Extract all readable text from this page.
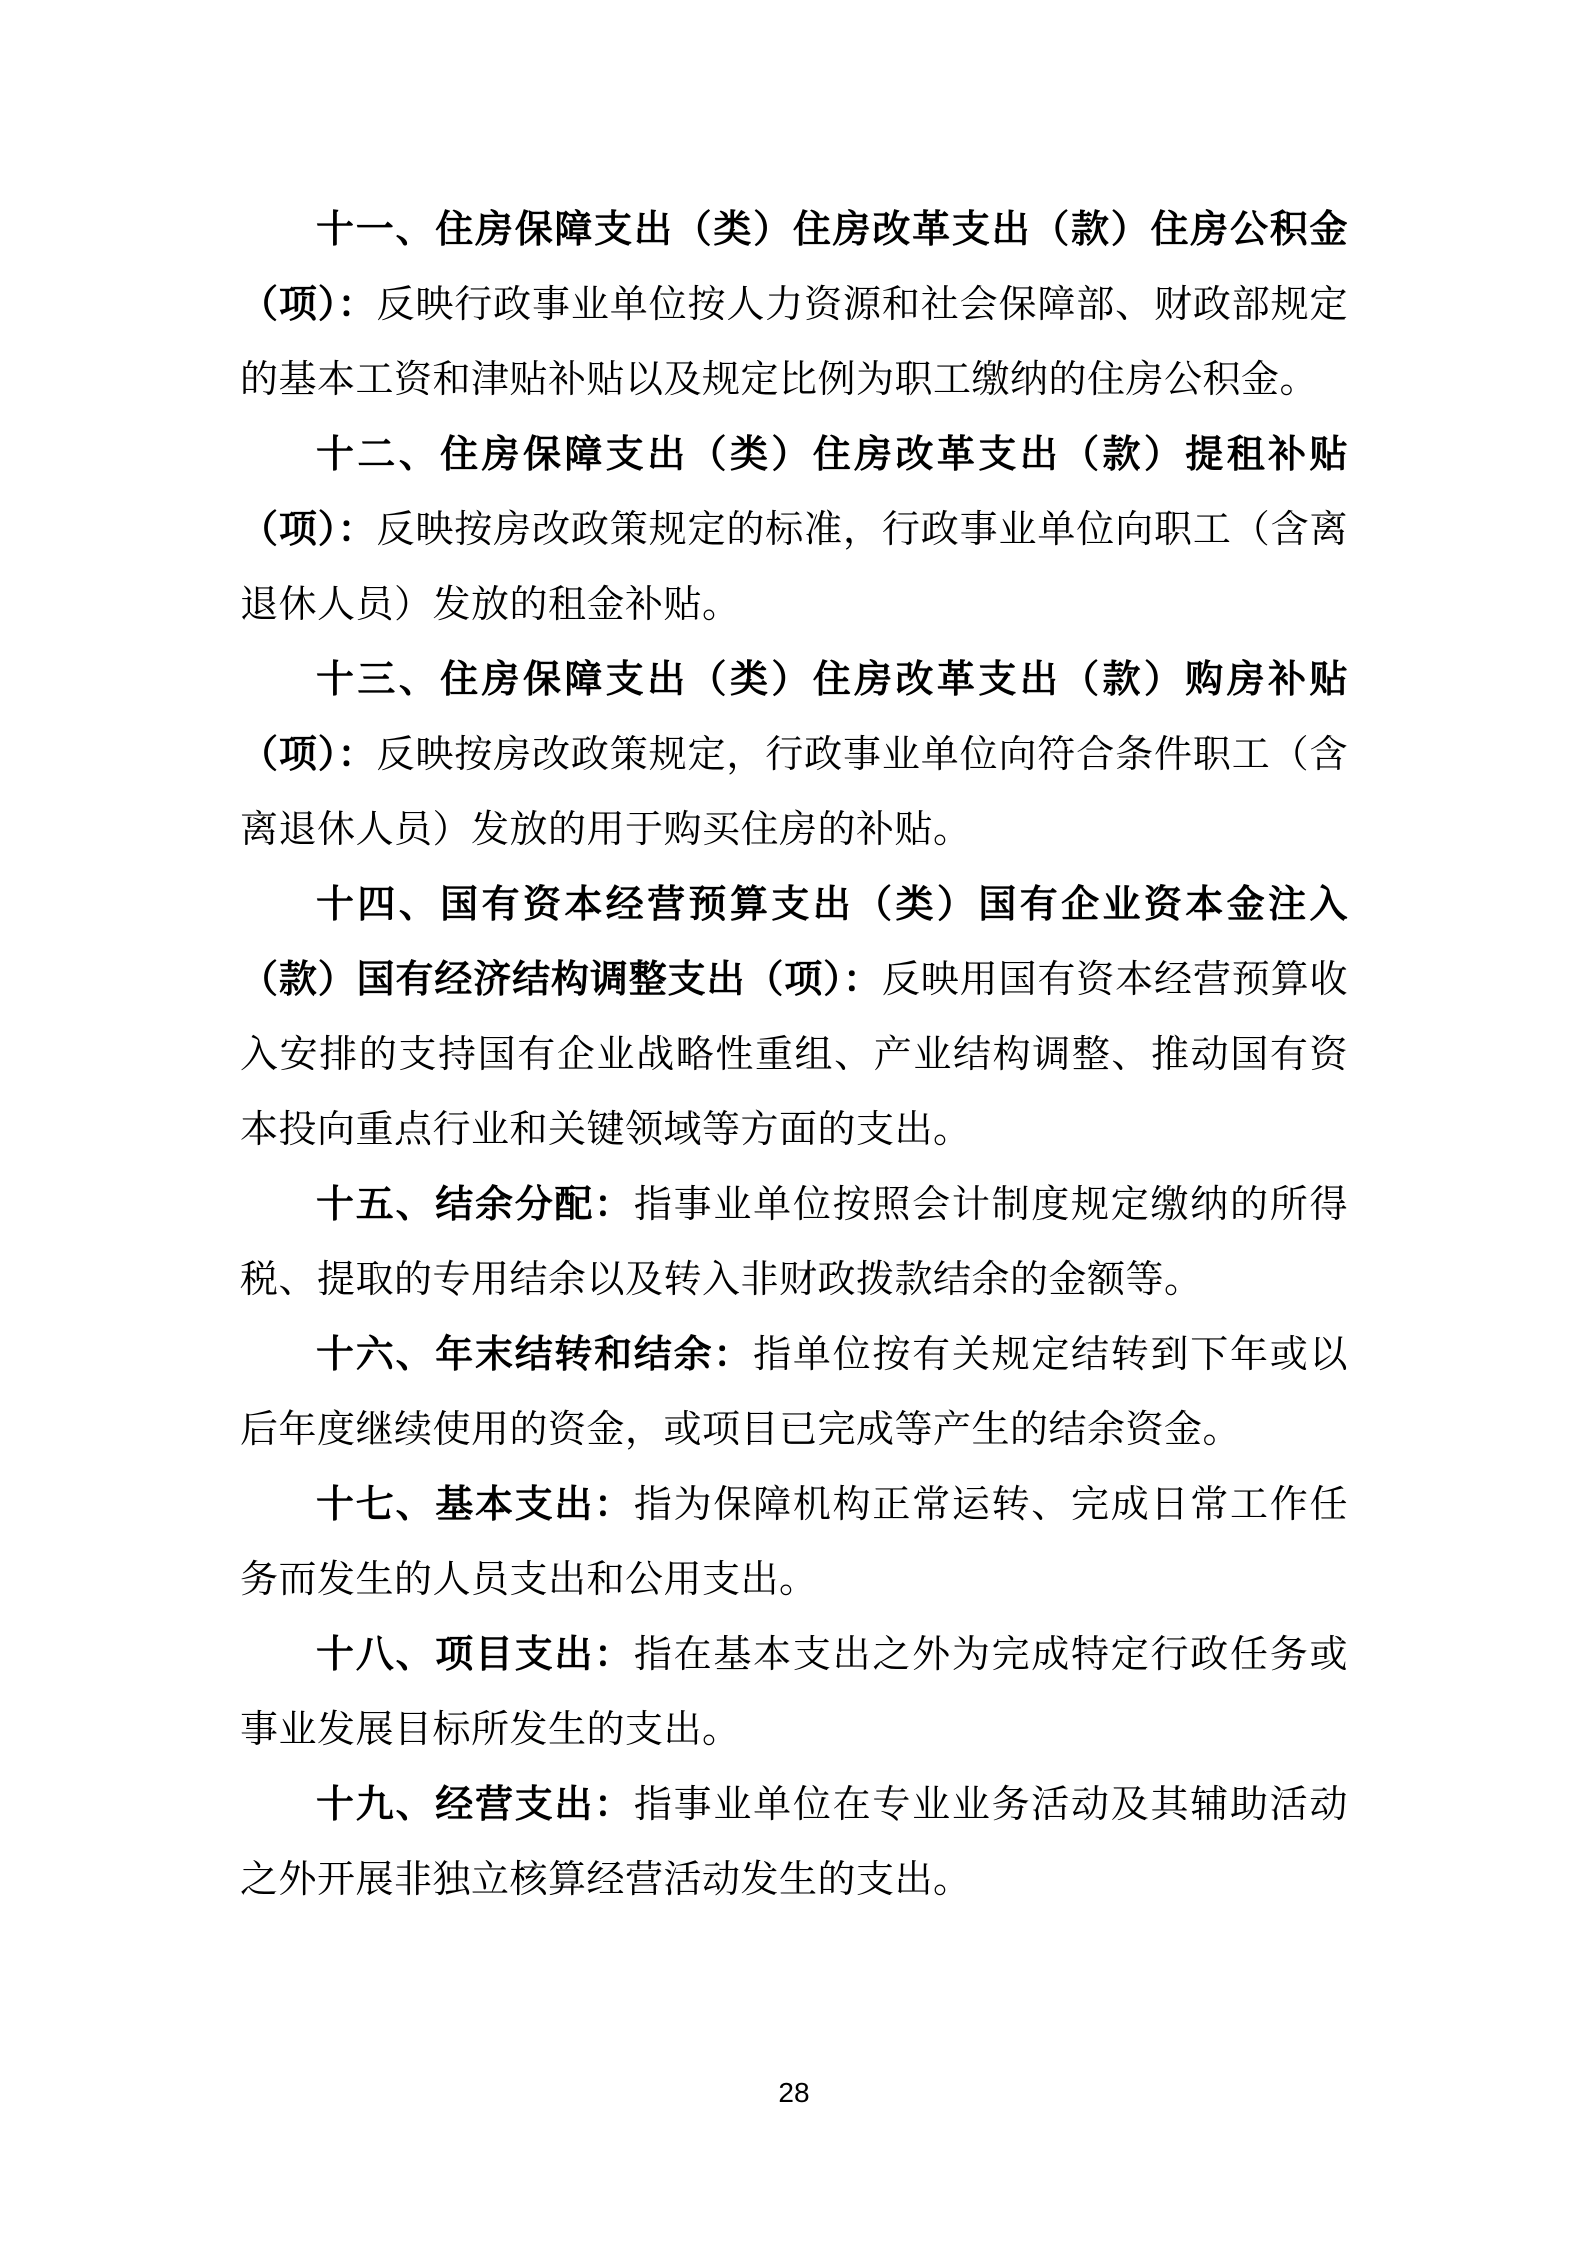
十一、住房保障支出（类）住房改革支出（款）住房公积金（项）：反映行政事业单位按人力资源和社会保障部、财政部规定的基本工资和津贴补贴以及规定比例为职工缴纳的住房公积金。

十二、住房保障支出（类）住房改革支出（款）提租补贴（项）：反映按房改政策规定的标准，行政事业单位向职工（含离退休人员）发放的租金补贴。

十三、住房保障支出（类）住房改革支出（款）购房补贴（项）：反映按房改政策规定，行政事业单位向符合条件职工（含离退休人员）发放的用于购买住房的补贴。

十四、国有资本经营预算支出（类）国有企业资本金注入（款）国有经济结构调整支出（项）：反映用国有资本经营预算收入安排的支持国有企业战略性重组、产业结构调整、推动国有资本投向重点行业和关键领域等方面的支出。

十五、结余分配：指事业单位按照会计制度规定缴纳的所得税、提取的专用结余以及转入非财政拨款结余的金额等。

十六、年末结转和结余：指单位按有关规定结转到下年或以后年度继续使用的资金，或项目已完成等产生的结余资金。

十七、基本支出：指为保障机构正常运转、完成日常工作任务而发生的人员支出和公用支出。

十八、项目支出：指在基本支出之外为完成特定行政任务或事业发展目标所发生的支出。

十九、经营支出：指事业单位在专业业务活动及其辅助活动之外开展非独立核算经营活动发生的支出。

28
